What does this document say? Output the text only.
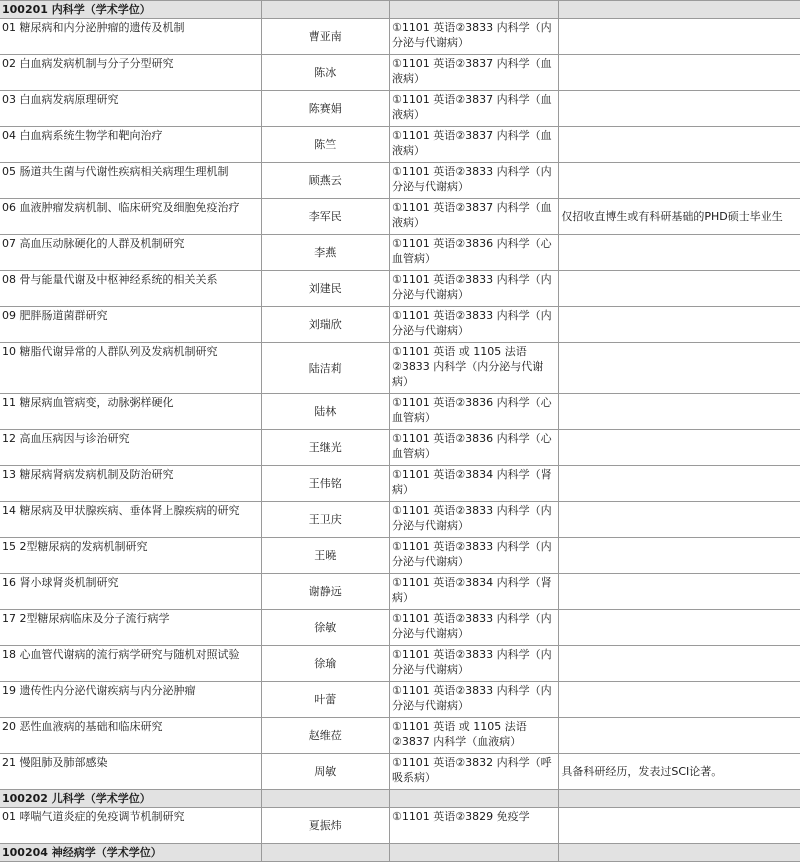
100201 内科学（学术学位）			
01 糖尿病和内分泌肿瘤的遗传及机制	曹亚南	①1101 英语②3833 内科学（内分泌与代谢病）	
02 白血病发病机制与分子分型研究	陈冰	①1101 英语②3837 内科学（血液病）	
03 白血病发病原理研究	陈赛娟	①1101 英语②3837 内科学（血液病）	
04 白血病系统生物学和靶向治疗	陈竺	①1101 英语②3837 内科学（血液病）	
05 肠道共生菌与代谢性疾病相关病理生理机制	顾燕云	①1101 英语②3833 内科学（内分泌与代谢病）	
06 血液肿瘤发病机制、临床研究及细胞免疫治疗	李军民	①1101 英语②3837 内科学（血液病）	仅招收直博生或有科研基础的PHD硕士毕业生
07 高血压动脉硬化的人群及机制研究	李燕	①1101 英语②3836 内科学（心血管病）	
08 骨与能量代谢及中枢神经系统的相关关系	刘建民	①1101 英语②3833 内科学（内分泌与代谢病）	
09 肥胖肠道菌群研究	刘瑞欣	①1101 英语②3833 内科学（内分泌与代谢病）	
10 糖脂代谢异常的人群队列及发病机制研究	陆洁莉	①1101 英语 或 1105 法语 ②3833 内科学（内分泌与代谢病）	
11 糖尿病血管病变，动脉粥样硬化	陆林	①1101 英语②3836 内科学（心血管病）	
12 高血压病因与诊治研究	王继光	①1101 英语②3836 内科学（心血管病）	
13 糖尿病肾病发病机制及防治研究	王伟铭	①1101 英语②3834 内科学（肾病）	
14 糖尿病及甲状腺疾病、垂体肾上腺疾病的研究	王卫庆	①1101 英语②3833 内科学（内分泌与代谢病）	
15 2型糖尿病的发病机制研究	王曉	①1101 英语②3833 内科学（内分泌与代谢病）	
16 肾小球肾炎机制研究	谢静远	①1101 英语②3834 内科学（肾病）	
17 2型糖尿病临床及分子流行病学	徐敏	①1101 英语②3833 内科学（内分泌与代谢病）	
18 心血管代谢病的流行病学研究与随机对照试验	徐瑜	①1101 英语②3833 内科学（内分泌与代谢病）	
19 遗传性内分泌代谢疾病与内分泌肿瘤	叶蕾	①1101 英语②3833 内科学（内分泌与代谢病）	
20 恶性血液病的基础和临床研究	赵维莅	①1101 英语 或 1105 法语 ②3837 内科学（血液病）	
21 慢阻肺及肺部感染	周敏	①1101 英语②3832 内科学（呼吸系病）	具备科研经历，发表过SCI论著。
100202 儿科学（学术学位）			
01 哮喘气道炎症的免疫调节机制研究	夏振炜	①1101 英语②3829 免疫学	
100204 神经病学（学术学位）			
